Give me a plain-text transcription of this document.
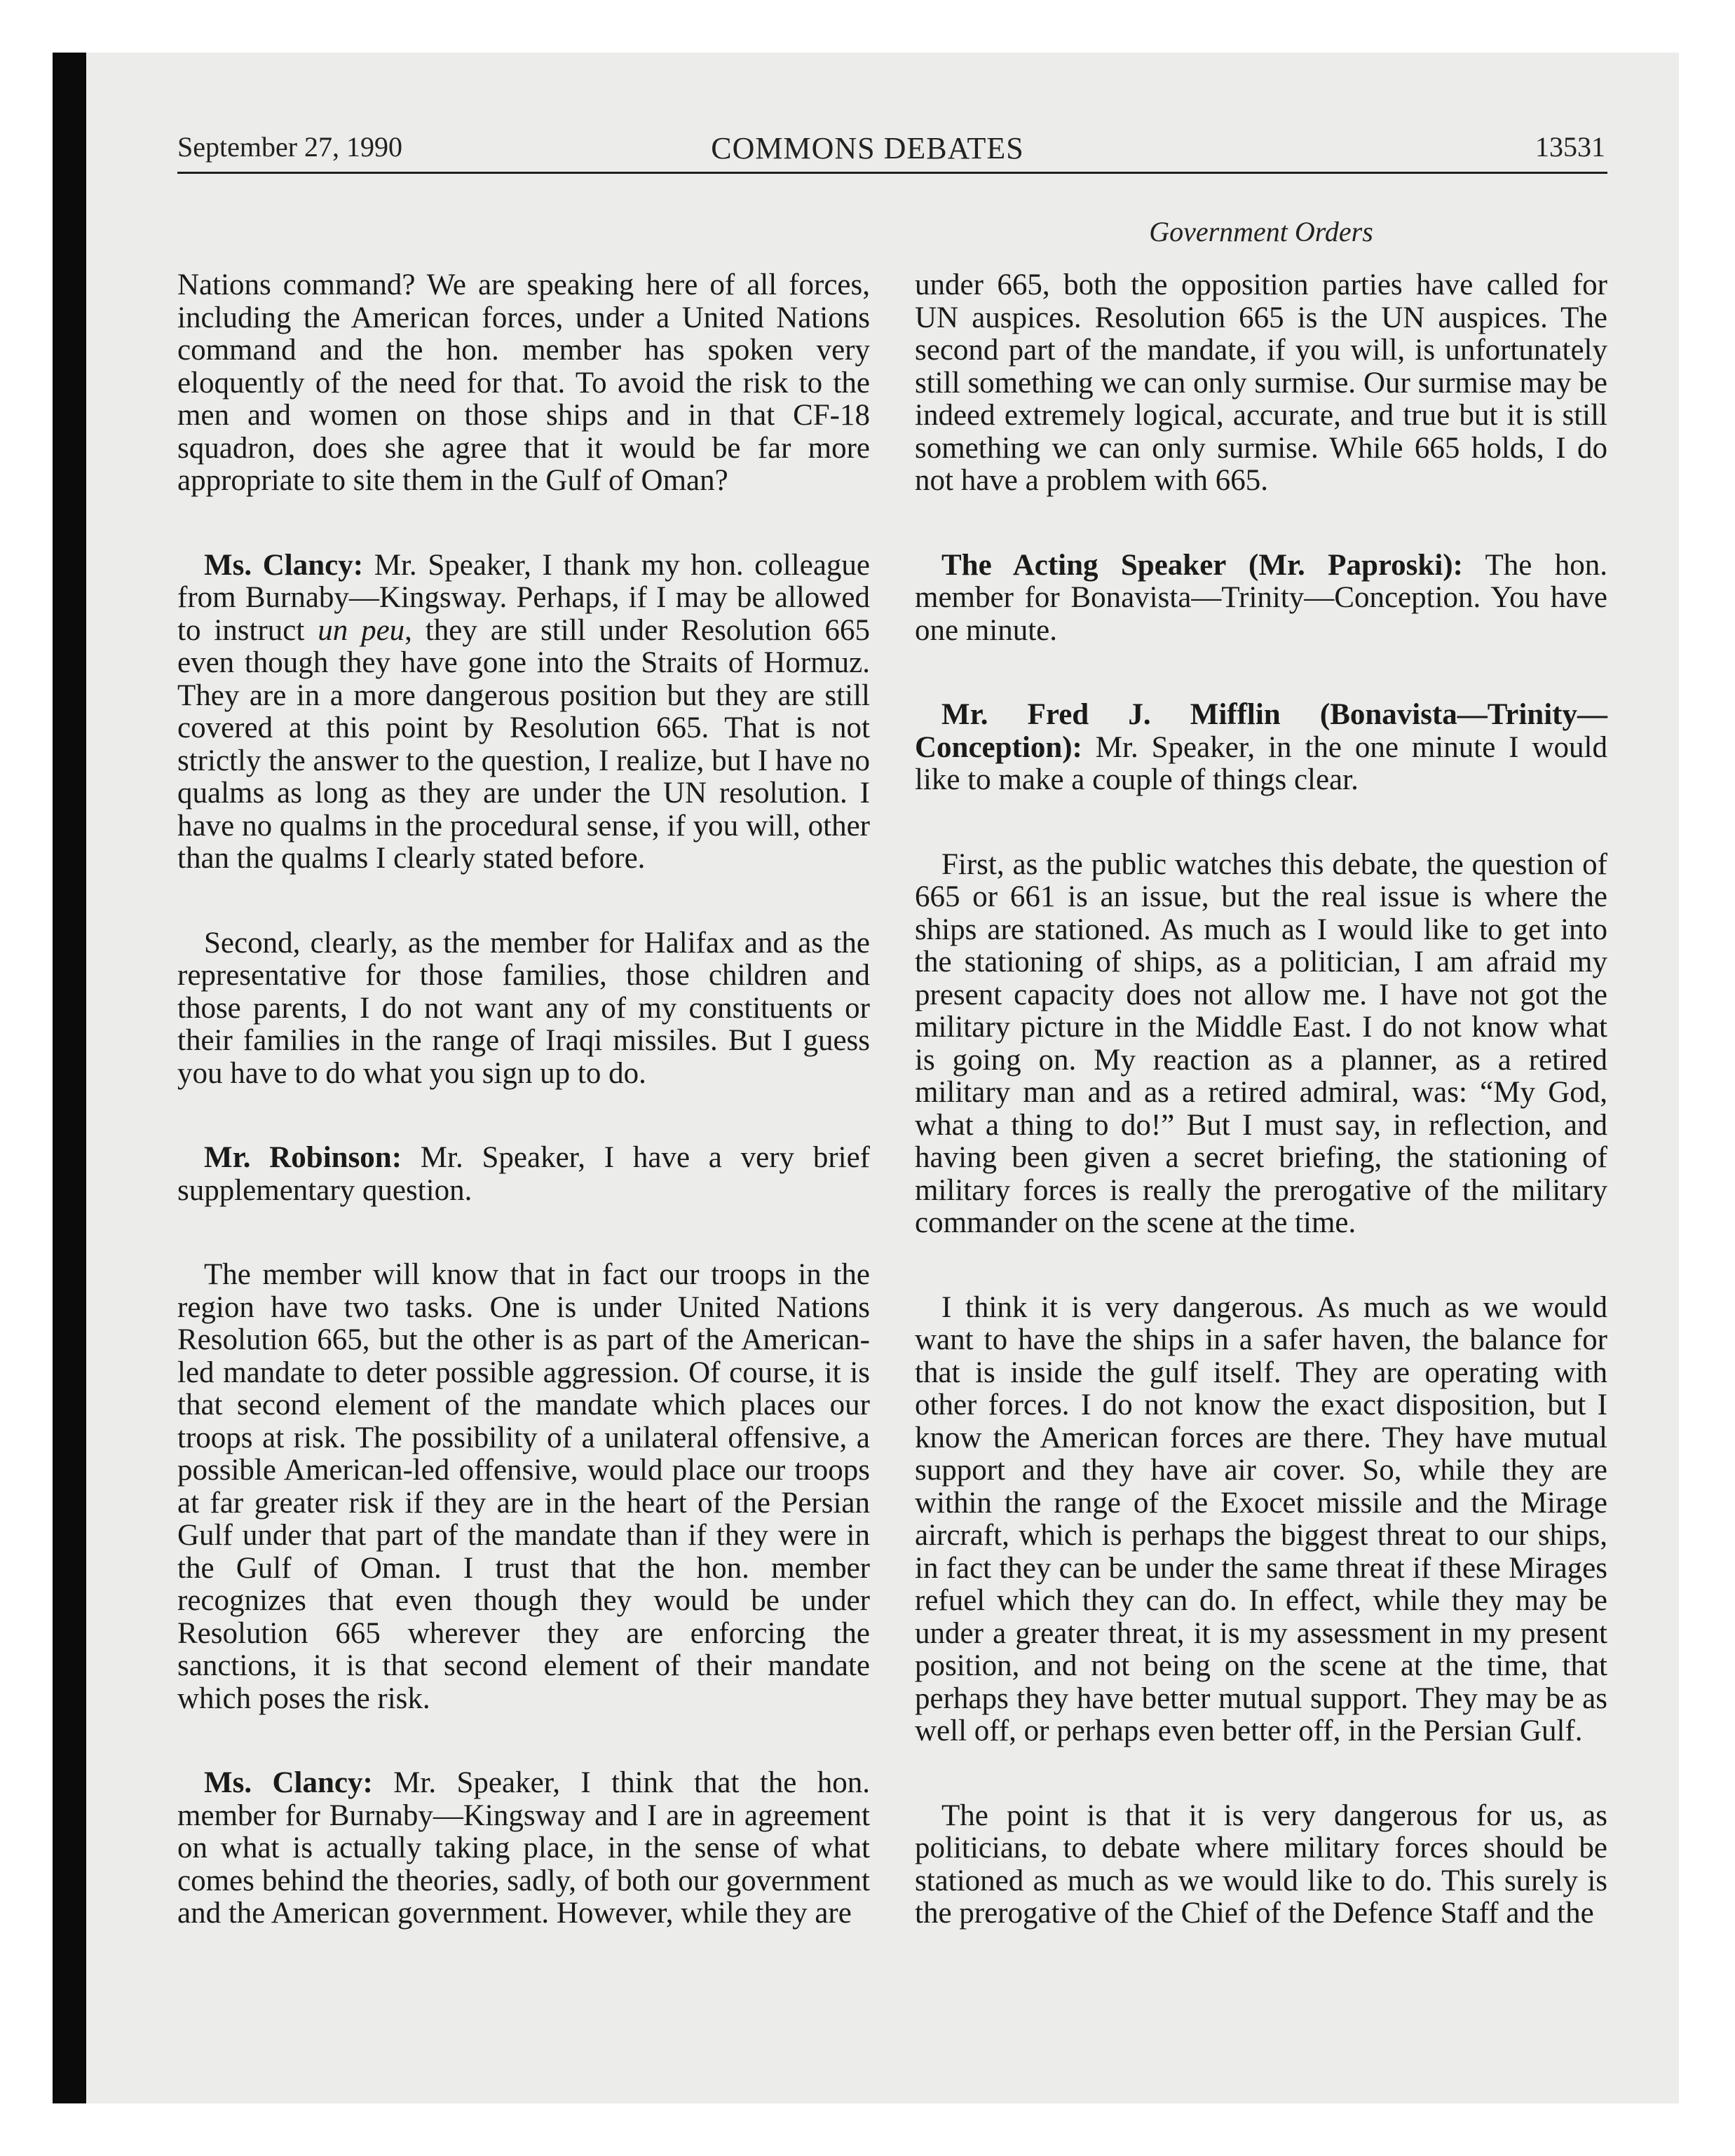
September 27, 1990	COMMONS DEBATES	13531
Government Orders

Nations command? We are speaking here of all forces, including the American forces, under a United Nations command and the hon. member has spoken very eloquently of the need for that. To avoid the risk to the men and women on those ships and in that CF-18 squadron, does she agree that it would be far more appropriate to site them in the Gulf of Oman?

Ms. Clancy: Mr. Speaker, I thank my hon. colleague from Burnaby—Kingsway. Perhaps, if I may be allowed to instruct un peu, they are still under Resolution 665 even though they have gone into the Straits of Hormuz. They are in a more dangerous position but they are still covered at this point by Resolution 665. That is not strictly the answer to the question, I realize, but I have no qualms as long as they are under the UN resolution. I have no qualms in the procedural sense, if you will, other than the qualms I clearly stated before.

Second, clearly, as the member for Halifax and as the representative for those families, those children and those parents, I do not want any of my constituents or their families in the range of Iraqi missiles. But I guess you have to do what you sign up to do.

Mr. Robinson: Mr. Speaker, I have a very brief supplementary question.

The member will know that in fact our troops in the region have two tasks. One is under United Nations Resolution 665, but the other is as part of the American-led mandate to deter possible aggression. Of course, it is that second element of the mandate which places our troops at risk. The possibility of a unilateral offensive, a possible American-led offensive, would place our troops at far greater risk if they are in the heart of the Persian Gulf under that part of the mandate than if they were in the Gulf of Oman. I trust that the hon. member recognizes that even though they would be under Resolution 665 wherever they are enforcing the sanctions, it is that second element of their mandate which poses the risk.

Ms. Clancy: Mr. Speaker, I think that the hon. member for Burnaby—Kingsway and I are in agreement on what is actually taking place, in the sense of what comes behind the theories, sadly, of both our government and the American government. However, while they are

under 665, both the opposition parties have called for UN auspices. Resolution 665 is the UN auspices. The second part of the mandate, if you will, is unfortunately still something we can only surmise. Our surmise may be indeed extremely logical, accurate, and true but it is still something we can only surmise. While 665 holds, I do not have a problem with 665.

The Acting Speaker (Mr. Paproski): The hon. member for Bonavista—Trinity—Conception. You have one minute.

Mr. Fred J. Mifflin (Bonavista—Trinity—Conception): Mr. Speaker, in the one minute I would like to make a couple of things clear.

First, as the public watches this debate, the question of 665 or 661 is an issue, but the real issue is where the ships are stationed. As much as I would like to get into the stationing of ships, as a politician, I am afraid my present capacity does not allow me. I have not got the military picture in the Middle East. I do not know what is going on. My reaction as a planner, as a retired military man and as a retired admiral, was: “My God, what a thing to do!” But I must say, in reflection, and having been given a secret briefing, the stationing of military forces is really the prerogative of the military commander on the scene at the time.

I think it is very dangerous. As much as we would want to have the ships in a safer haven, the balance for that is inside the gulf itself. They are operating with other forces. I do not know the exact disposition, but I know the American forces are there. They have mutual support and they have air cover. So, while they are within the range of the Exocet missile and the Mirage aircraft, which is perhaps the biggest threat to our ships, in fact they can be under the same threat if these Mirages refuel which they can do. In effect, while they may be under a greater threat, it is my assessment in my present position, and not being on the scene at the time, that perhaps they have better mutual support. They may be as well off, or perhaps even better off, in the Persian Gulf.

The point is that it is very dangerous for us, as politicians, to debate where military forces should be stationed as much as we would like to do. This surely is the prerogative of the Chief of the Defence Staff and the
